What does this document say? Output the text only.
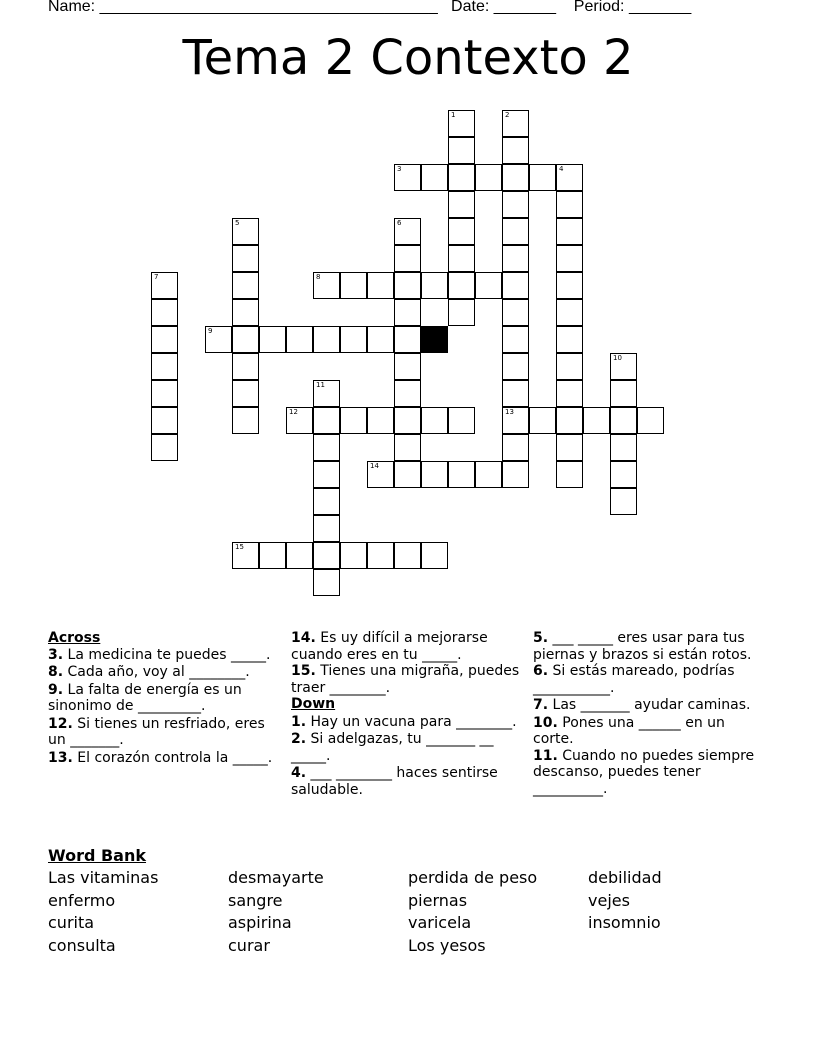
Name: ______________________________________   Date: _______    Period: _______
Tema 2 Contexto 2
1	2
13
3	4
5	6
7	8
9
10
11
12
14
15
Across

3. La medicina te puedes _____.

8. Cada año, voy al ________.

9. La falta de energía es un sinonimo de _________.

12. Si tienes un resfriado, eres un _______.

13. El corazón controla la _____.

14. Es uy difícil a mejorarse cuando eres en tu _____.

15. Tienes una migraña, puedes traer ________.

Down

1. Hay un vacuna para ________.

2. Si adelgazas, tu _______ __ _____.

4. ___ ________ haces sentirse saludable.

5. ___ _____ eres usar para tus piernas y brazos si están rotos.

6. Si estás mareado, podrías ___________.

7. Las _______ ayudar caminas.

10. Pones una ______ en un corte.

11. Cuando no puedes siempre descanso, puedes tener __________.

Word Bank
Las vitaminas
enfermo
curita
consulta
desmayarte
sangre
aspirina
curar
perdida de peso
piernas
varicela
Los yesos
debilidad
vejes
insomnio
